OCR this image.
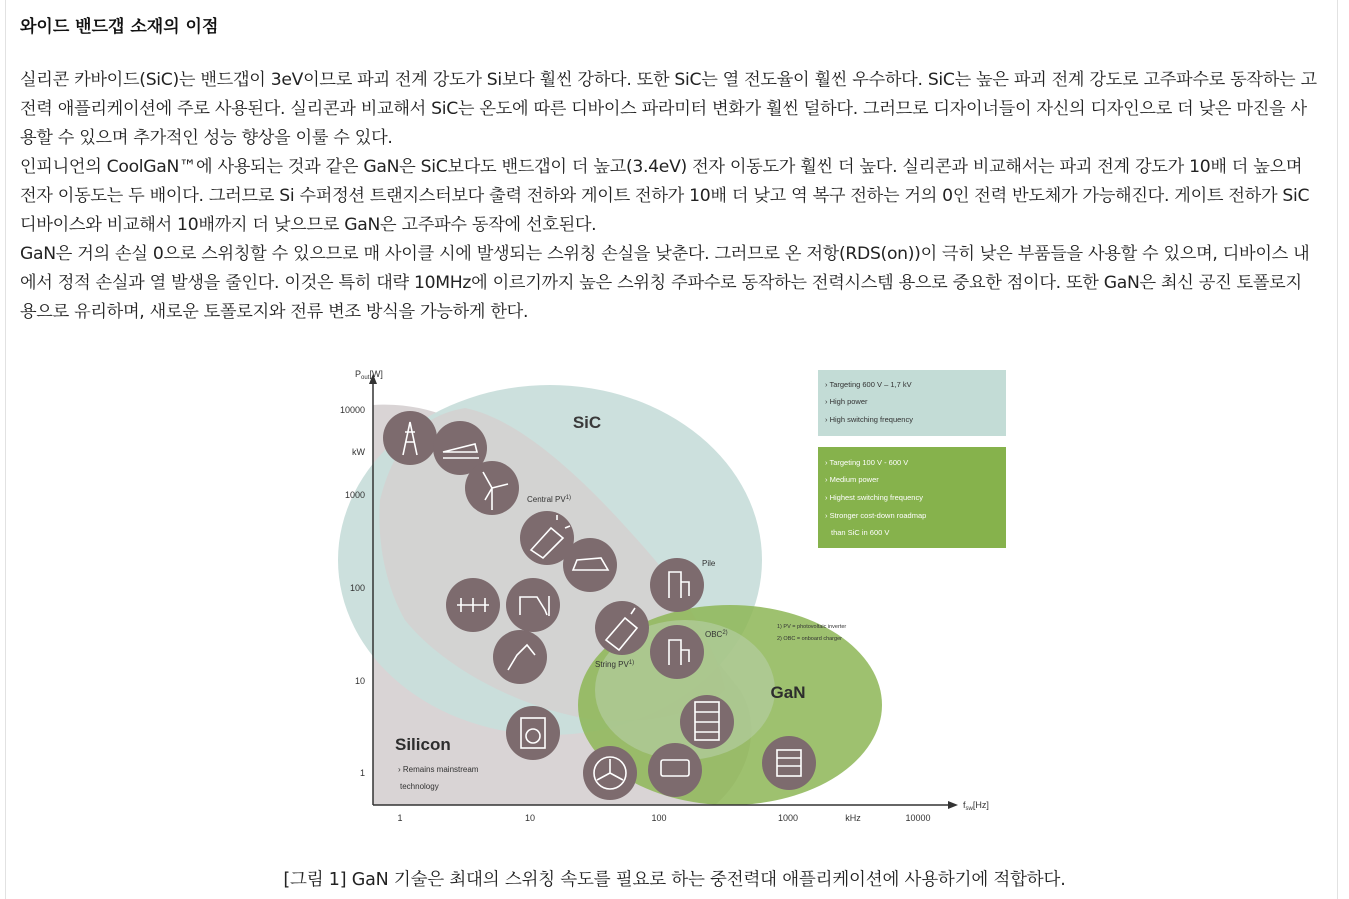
와이드 밴드갭 소재의 이점

실리콘 카바이드(SiC)는 밴드갭이 3eV이므로 파괴 전계 강도가 Si보다 훨씬 강하다. 또한 SiC는 열 전도율이 훨씬 우수하다. SiC는 높은 파괴 전계 강도로 고주파수로 동작하는 고전력 애플리케이션에 주로 사용된다. 실리콘과 비교해서 SiC는 온도에 따른 디바이스 파라미터 변화가 훨씬 덜하다. 그러므로 디자이너들이 자신의 디자인으로 더 낮은 마진을 사용할 수 있으며 추가적인 성능 향상을 이룰 수 있다.

인피니언의 CoolGaN™에 사용되는 것과 같은 GaN은 SiC보다도 밴드갭이 더 높고(3.4eV) 전자 이동도가 훨씬 더 높다. 실리콘과 비교해서는 파괴 전계 강도가 10배 더 높으며 전자 이동도는 두 배이다. 그러므로 Si 수퍼정션 트랜지스터보다 출력 전하와 게이트 전하가 10배 더 낮고 역 복구 전하는 거의 0인 전력 반도체가 가능해진다. 게이트 전하가 SiC 디바이스와 비교해서 10배까지 더 낮으므로 GaN은 고주파수 동작에 선호된다.

GaN은 거의 손실 0으로 스위칭할 수 있으므로 매 사이클 시에 발생되는 스위칭 손실을 낮춘다. 그러므로 온 저항(RDS(on))이 극히 낮은 부품들을 사용할 수 있으며, 디바이스 내에서 정적 손실과 열 발생을 줄인다. 이것은 특히 대략 10MHz에 이르기까지 높은 스위칭 주파수로 동작하는 전력시스템 용으로 중요한 점이다. 또한 GaN은 최신 공진 토폴로지 용으로 유리하며, 새로운 토폴로지와 전류 변조 방식을 가능하게 한다.

$P_{out}[W]$
$f_{sw}[Hz]$
10000
kW
1000
100
10
1
1	10	100	1000	kHz	10000
SiC
GaN
Silicon
› Remains mainstream
technology
Central PV$^{1)}$
Pile
OBC$^{2)}$
String PV$^{1)}$
1) PV = photovoltaic inverter
2) OBC = onboard charger
› Targeting 600 V – 1,7 kV
› High power
› High switching frequency
› Targeting 100 V - 600 V
› Medium power
› Highest switching frequency
› Stronger cost-down roadmap
than SiC in 600 V
[그림 1] GaN 기술은 최대의 스위칭 속도를 필요로 하는 중전력대 애플리케이션에 사용하기에 적합하다.
